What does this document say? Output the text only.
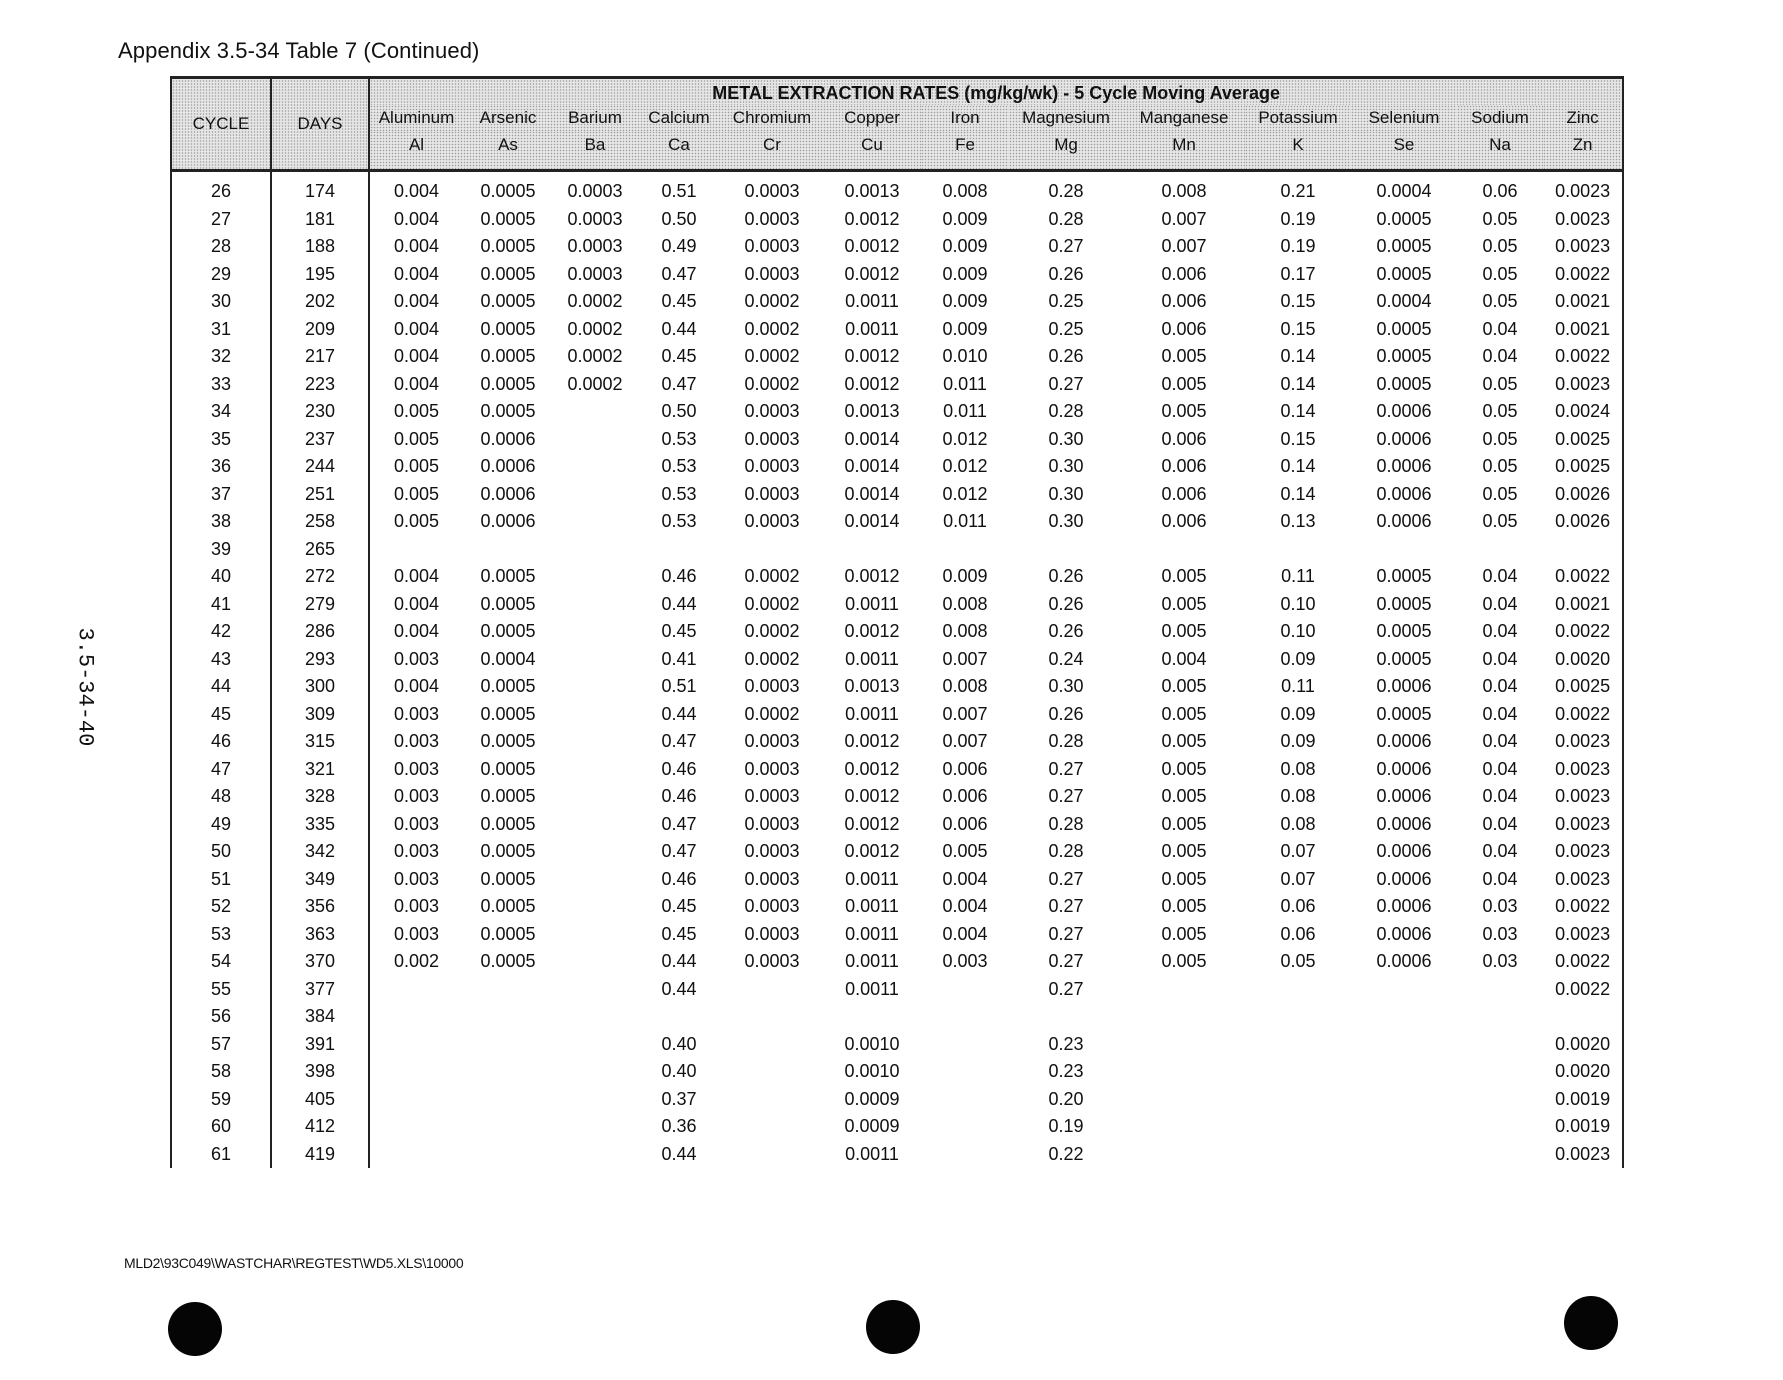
Appendix 3.5-34 Table 7 (Continued)
3.5-34-40
CYCLE	DAYS	METAL EXTRACTION RATES (mg/kg/wk) - 5 Cycle Moving Average												
		Aluminum	Arsenic	Barium	Calcium	Chromium	Copper	Iron	Magnesium	Manganese	Potassium	Selenium	Sodium	Zinc
		Al	As	Ba	Ca	Cr	Cu	Fe	Mg	Mn	K	Se	Na	Zn
26	174	0.004	0.0005	0.0003	0.51	0.0003	0.0013	0.008	0.28	0.008	0.21	0.0004	0.06	0.0023
27	181	0.004	0.0005	0.0003	0.50	0.0003	0.0012	0.009	0.28	0.007	0.19	0.0005	0.05	0.0023
28	188	0.004	0.0005	0.0003	0.49	0.0003	0.0012	0.009	0.27	0.007	0.19	0.0005	0.05	0.0023
29	195	0.004	0.0005	0.0003	0.47	0.0003	0.0012	0.009	0.26	0.006	0.17	0.0005	0.05	0.0022
30	202	0.004	0.0005	0.0002	0.45	0.0002	0.0011	0.009	0.25	0.006	0.15	0.0004	0.05	0.0021
31	209	0.004	0.0005	0.0002	0.44	0.0002	0.0011	0.009	0.25	0.006	0.15	0.0005	0.04	0.0021
32	217	0.004	0.0005	0.0002	0.45	0.0002	0.0012	0.010	0.26	0.005	0.14	0.0005	0.04	0.0022
33	223	0.004	0.0005	0.0002	0.47	0.0002	0.0012	0.011	0.27	0.005	0.14	0.0005	0.05	0.0023
34	230	0.005	0.0005		0.50	0.0003	0.0013	0.011	0.28	0.005	0.14	0.0006	0.05	0.0024
35	237	0.005	0.0006		0.53	0.0003	0.0014	0.012	0.30	0.006	0.15	0.0006	0.05	0.0025
36	244	0.005	0.0006		0.53	0.0003	0.0014	0.012	0.30	0.006	0.14	0.0006	0.05	0.0025
37	251	0.005	0.0006		0.53	0.0003	0.0014	0.012	0.30	0.006	0.14	0.0006	0.05	0.0026
38	258	0.005	0.0006		0.53	0.0003	0.0014	0.011	0.30	0.006	0.13	0.0006	0.05	0.0026
39	265													
40	272	0.004	0.0005		0.46	0.0002	0.0012	0.009	0.26	0.005	0.11	0.0005	0.04	0.0022
41	279	0.004	0.0005		0.44	0.0002	0.0011	0.008	0.26	0.005	0.10	0.0005	0.04	0.0021
42	286	0.004	0.0005		0.45	0.0002	0.0012	0.008	0.26	0.005	0.10	0.0005	0.04	0.0022
43	293	0.003	0.0004		0.41	0.0002	0.0011	0.007	0.24	0.004	0.09	0.0005	0.04	0.0020
44	300	0.004	0.0005		0.51	0.0003	0.0013	0.008	0.30	0.005	0.11	0.0006	0.04	0.0025
45	309	0.003	0.0005		0.44	0.0002	0.0011	0.007	0.26	0.005	0.09	0.0005	0.04	0.0022
46	315	0.003	0.0005		0.47	0.0003	0.0012	0.007	0.28	0.005	0.09	0.0006	0.04	0.0023
47	321	0.003	0.0005		0.46	0.0003	0.0012	0.006	0.27	0.005	0.08	0.0006	0.04	0.0023
48	328	0.003	0.0005		0.46	0.0003	0.0012	0.006	0.27	0.005	0.08	0.0006	0.04	0.0023
49	335	0.003	0.0005		0.47	0.0003	0.0012	0.006	0.28	0.005	0.08	0.0006	0.04	0.0023
50	342	0.003	0.0005		0.47	0.0003	0.0012	0.005	0.28	0.005	0.07	0.0006	0.04	0.0023
51	349	0.003	0.0005		0.46	0.0003	0.0011	0.004	0.27	0.005	0.07	0.0006	0.04	0.0023
52	356	0.003	0.0005		0.45	0.0003	0.0011	0.004	0.27	0.005	0.06	0.0006	0.03	0.0022
53	363	0.003	0.0005		0.45	0.0003	0.0011	0.004	0.27	0.005	0.06	0.0006	0.03	0.0023
54	370	0.002	0.0005		0.44	0.0003	0.0011	0.003	0.27	0.005	0.05	0.0006	0.03	0.0022
55	377				0.44		0.0011		0.27					0.0022
56	384													
57	391				0.40		0.0010		0.23					0.0020
58	398				0.40		0.0010		0.23					0.0020
59	405				0.37		0.0009		0.20					0.0019
60	412				0.36		0.0009		0.19					0.0019
61	419				0.44		0.0011		0.22					0.0023
MLD2\93C049\WASTCHAR\REGTEST\WD5.XLS\10000
